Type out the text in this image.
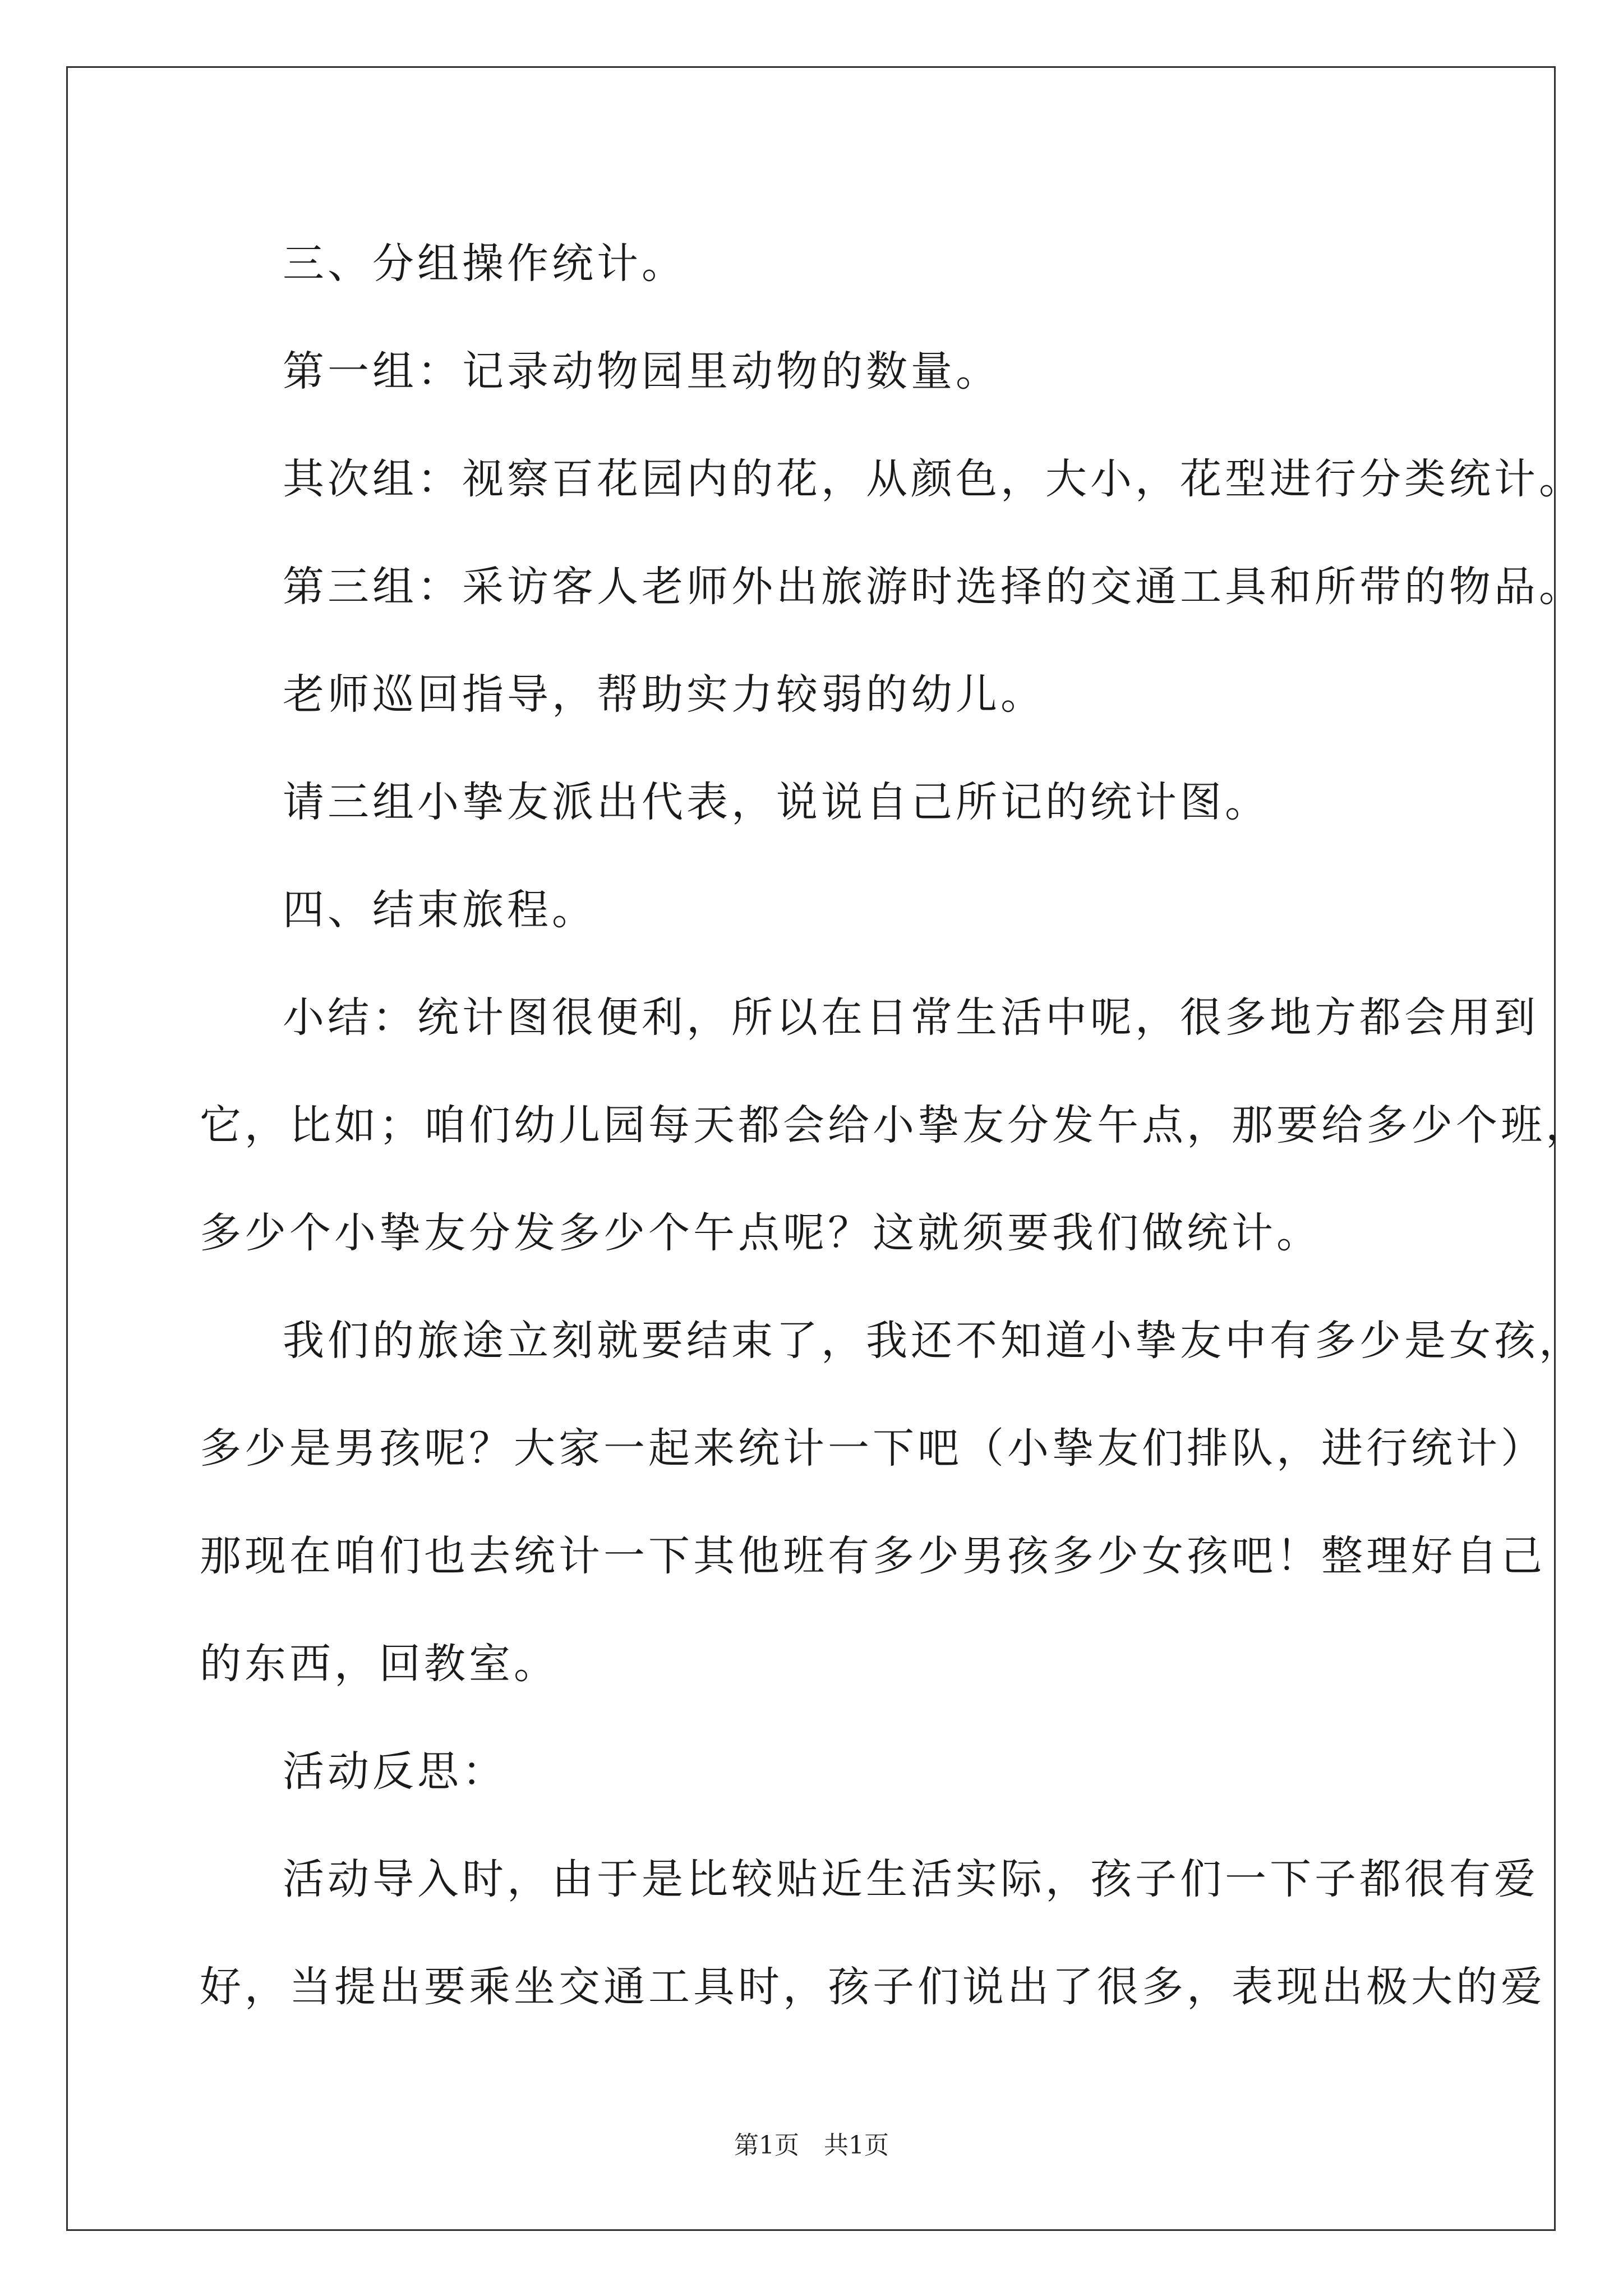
三、分组操作统计。

第一组：记录动物园里动物的数量。

其次组：视察百花园内的花，从颜色，大小，花型进行分类统计。

第三组：采访客人老师外出旅游时选择的交通工具和所带的物品。

老师巡回指导，帮助实力较弱的幼儿。

请三组小挚友派出代表，说说自己所记的统计图。

四、结束旅程。

小结：统计图很便利，所以在日常生活中呢，很多地方都会用到

它，比如；咱们幼儿园每天都会给小挚友分发午点，那要给多少个班，

多少个小挚友分发多少个午点呢？这就须要我们做统计。

我们的旅途立刻就要结束了，我还不知道小挚友中有多少是女孩，

多少是男孩呢？大家一起来统计一下吧（小挚友们排队，进行统计）

那现在咱们也去统计一下其他班有多少男孩多少女孩吧！整理好自己

的东西，回教室。

活动反思：

活动导入时，由于是比较贴近生活实际，孩子们一下子都很有爱

好，当提出要乘坐交通工具时，孩子们说出了很多，表现出极大的爱

第1页 共1页
